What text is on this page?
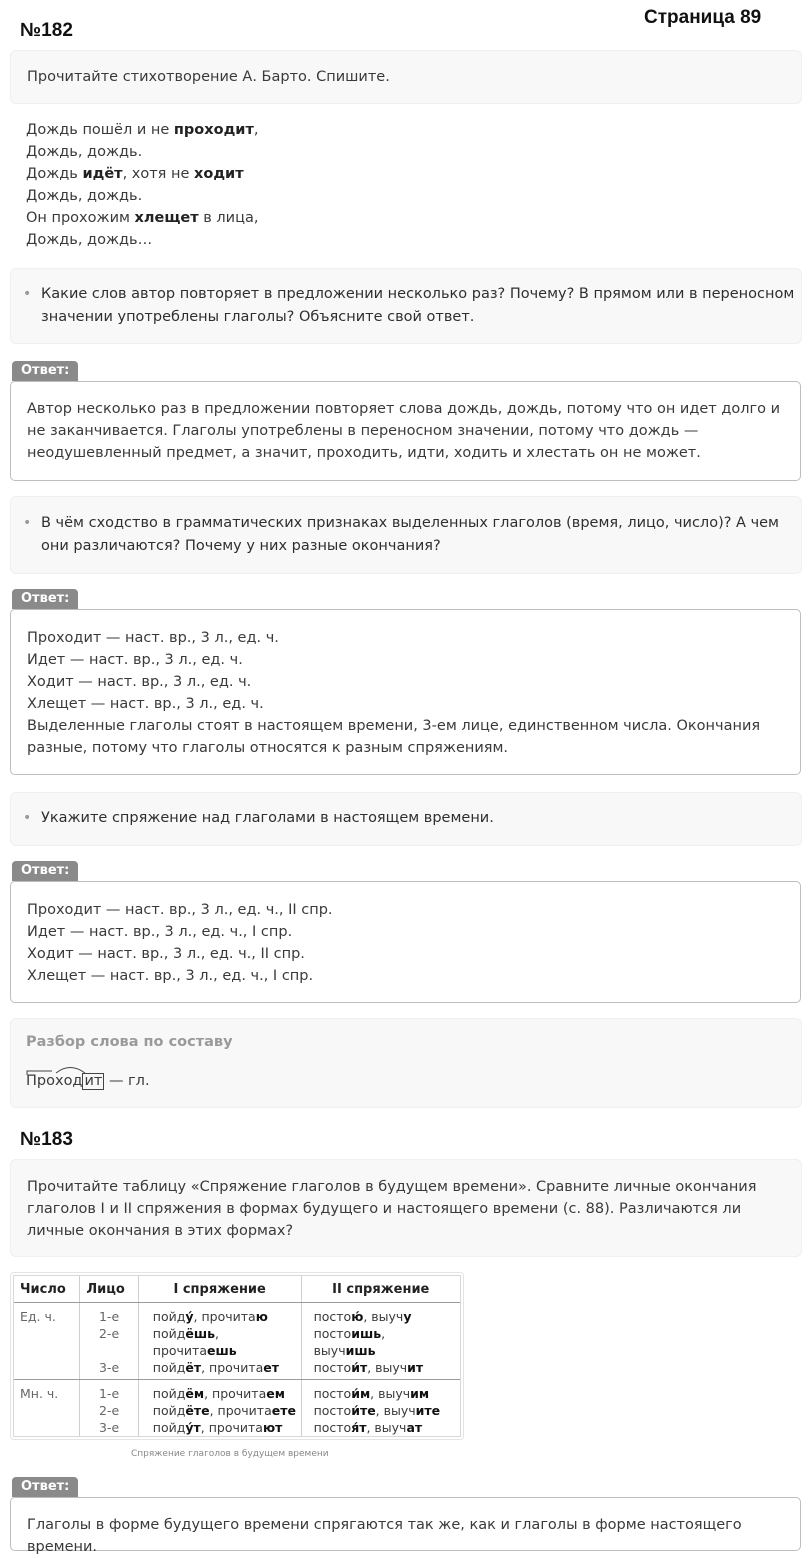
№182
Страница 89
Прочитайте стихотворение А. Барто. Спишите.
Дождь пошёл и не проходит,
Дождь, дождь.
Дождь идёт, хотя не ходит
Дождь, дождь.
Он прохожим хлещет в лица,
Дождь, дождь…
• Какие слов автор повторяет в предложении несколько раз? Почему? В прямом или в переносном значении употреблены глаголы? Объясните свой ответ.
Ответ:
Автор несколько раз в предложении повторяет слова дождь, дождь, потому что он идет долго и не заканчивается. Глаголы употреблены в переносном значении, потому что дождь — неодушевленный предмет, а значит, проходить, идти, ходить и хлестать он не может.
• В чём сходство в грамматических признаках выделенных глаголов (время, лицо, число)? А чем они различаются? Почему у них разные окончания?
Ответ:
Проходит — наст. вр., 3 л., ед. ч.
Идет — наст. вр., 3 л., ед. ч.
Ходит — наст. вр., 3 л., ед. ч.
Хлещет — наст. вр., 3 л., ед. ч.
Выделенные глаголы стоят в настоящем времени, 3-ем лице, единственном числа. Окончания разные, потому что глаголы относятся к разным спряжениям.
• Укажите спряжение над глаголами в настоящем времени.
Ответ:
Проходит — наст. вр., 3 л., ед. ч., II спр.
Идет — наст. вр., 3 л., ед. ч., I спр.
Ходит — наст. вр., 3 л., ед. ч., II спр.
Хлещет — наст. вр., 3 л., ед. ч., I спр.
Разбор слова по составу
Про
ход ит — гл.
№183
Прочитайте таблицу «Спряжение глаголов в будущем времени». Сравните личные окончания глаголов I и II спряжения в формах будущего и настоящего времени (с. 88). Различаются ли личные окончания в этих формах?
Число	Лицо	I спряжение	II спряжение
Ед. ч.	1-е	пойду́, прочитаю	постою́, выучу
	2-е	пойдёшь,	постоишь,
		прочитаешь	выучишь
	3-е	пойдёт, прочитает	постои́т, выучит
Мн. ч.	1-е	пойдём, прочитаем	постои́м, выучим
	2-е	пойдёте, прочитаете	постои́те, выучите
	3-е	пойду́т, прочитают	постоя́т, выучат
Спряжение глаголов в будущем времени
Ответ:
Глаголы в форме будущего времени спрягаются так же, как и глаголы в форме настоящего времени.
